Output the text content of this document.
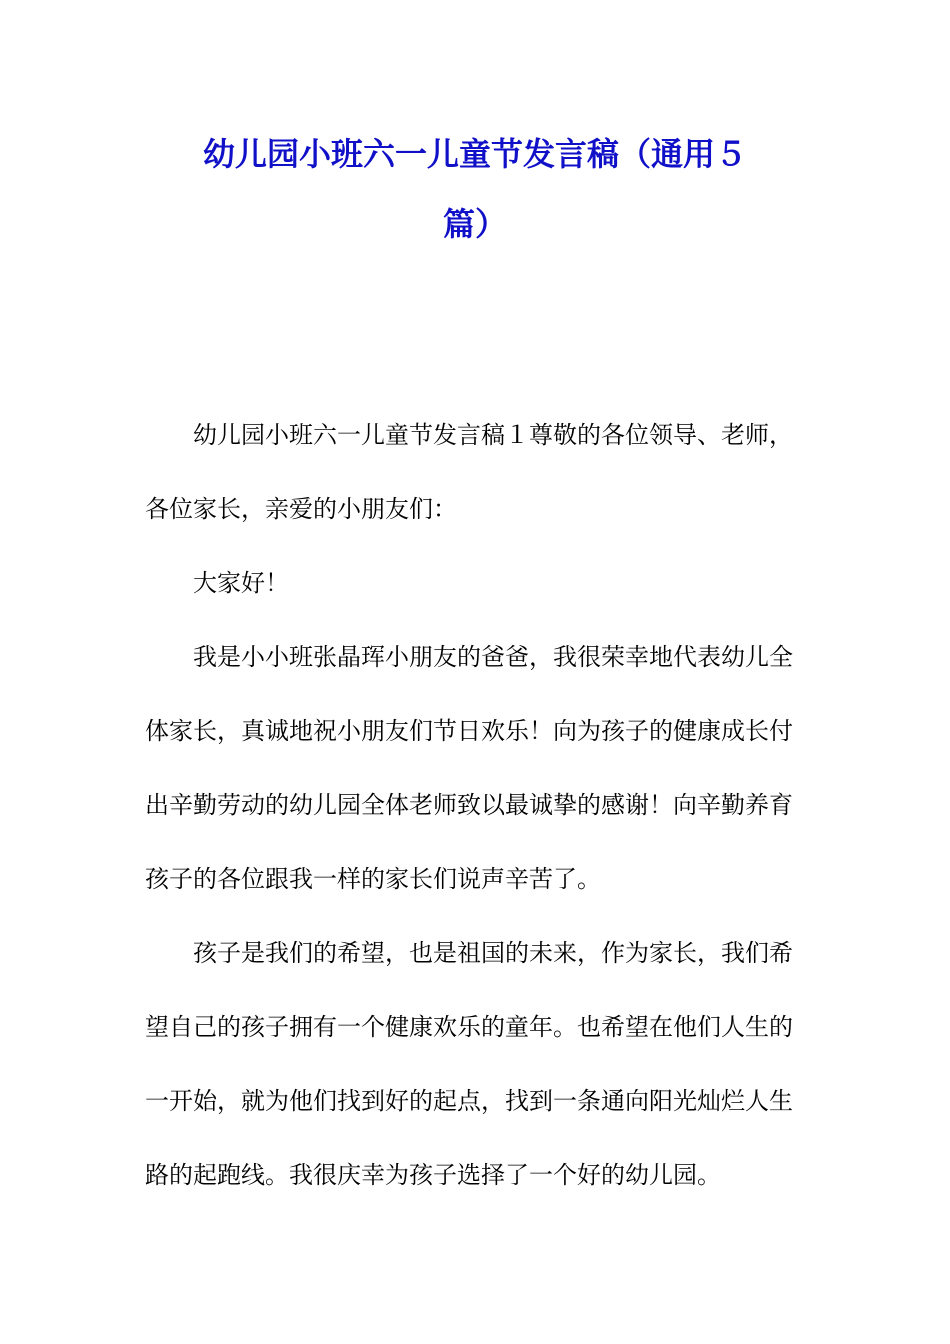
幼儿园小班六一儿童节发言稿（通用５
篇）
幼儿园小班六一儿童节发言稿１尊敬的各位领导、老师，
各位家长，亲爱的小朋友们：
大家好！
我是小小班张晶珲小朋友的爸爸，我很荣幸地代表幼儿全
体家长，真诚地祝小朋友们节日欢乐！向为孩子的健康成长付
出辛勤劳动的幼儿园全体老师致以最诚挚的感谢！向辛勤养育
孩子的各位跟我一样的家长们说声辛苦了。
孩子是我们的希望，也是祖国的未来，作为家长，我们希
望自己的孩子拥有一个健康欢乐的童年。也希望在他们人生的
一开始，就为他们找到好的起点，找到一条通向阳光灿烂人生
路的起跑线。我很庆幸为孩子选择了一个好的幼儿园。
